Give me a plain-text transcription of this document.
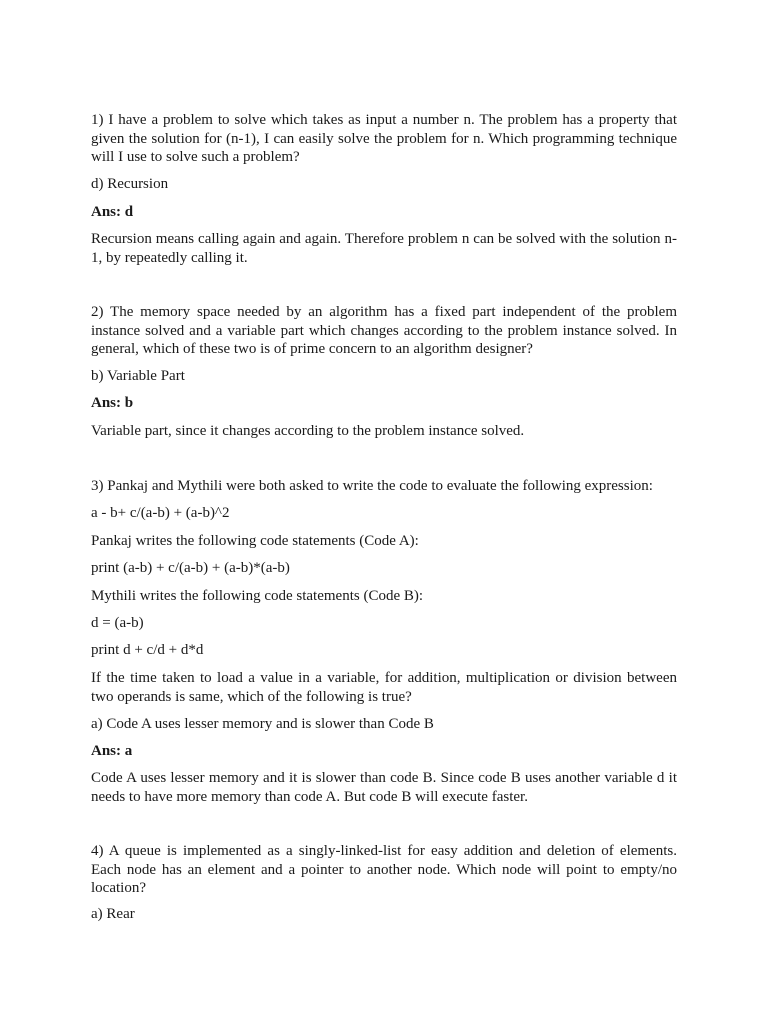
1) I have a problem to solve which takes as input a number n. The problem has a property that given the solution for (n-1), I can easily solve the problem for n. Which programming technique will I use to solve such a problem?

d) Recursion

Ans: d

Recursion means calling again and again. Therefore problem n can be solved with the solution n-1, by repeatedly calling it.

2) The memory space needed by an algorithm has a fixed part independent of the problem instance solved and a variable part which changes according to the problem instance solved. In general, which of these two is of prime concern to an algorithm designer?

b) Variable Part

Ans: b

Variable part, since it changes according to the problem instance solved.

3) Pankaj and Mythili were both asked to write the code to evaluate the following expression:

a - b+ c/(a-b) + (a-b)^2

Pankaj writes the following code statements (Code A):

print (a-b) + c/(a-b) + (a-b)*(a-b)

Mythili writes the following code statements (Code B):

d = (a-b)

print d + c/d + d*d

If the time taken to load a value in a variable, for addition, multiplication or division between two operands is same, which of the following is true?

a) Code A uses lesser memory and is slower than Code B

Ans: a

Code A uses lesser memory and it is slower than code B. Since code B uses another variable d it needs to have more memory than code A. But code B will execute faster.

4) A queue is implemented as a singly-linked-list for easy addition and deletion of elements. Each node has an element and a pointer to another node. Which node will point to empty/no location?

a) Rear
